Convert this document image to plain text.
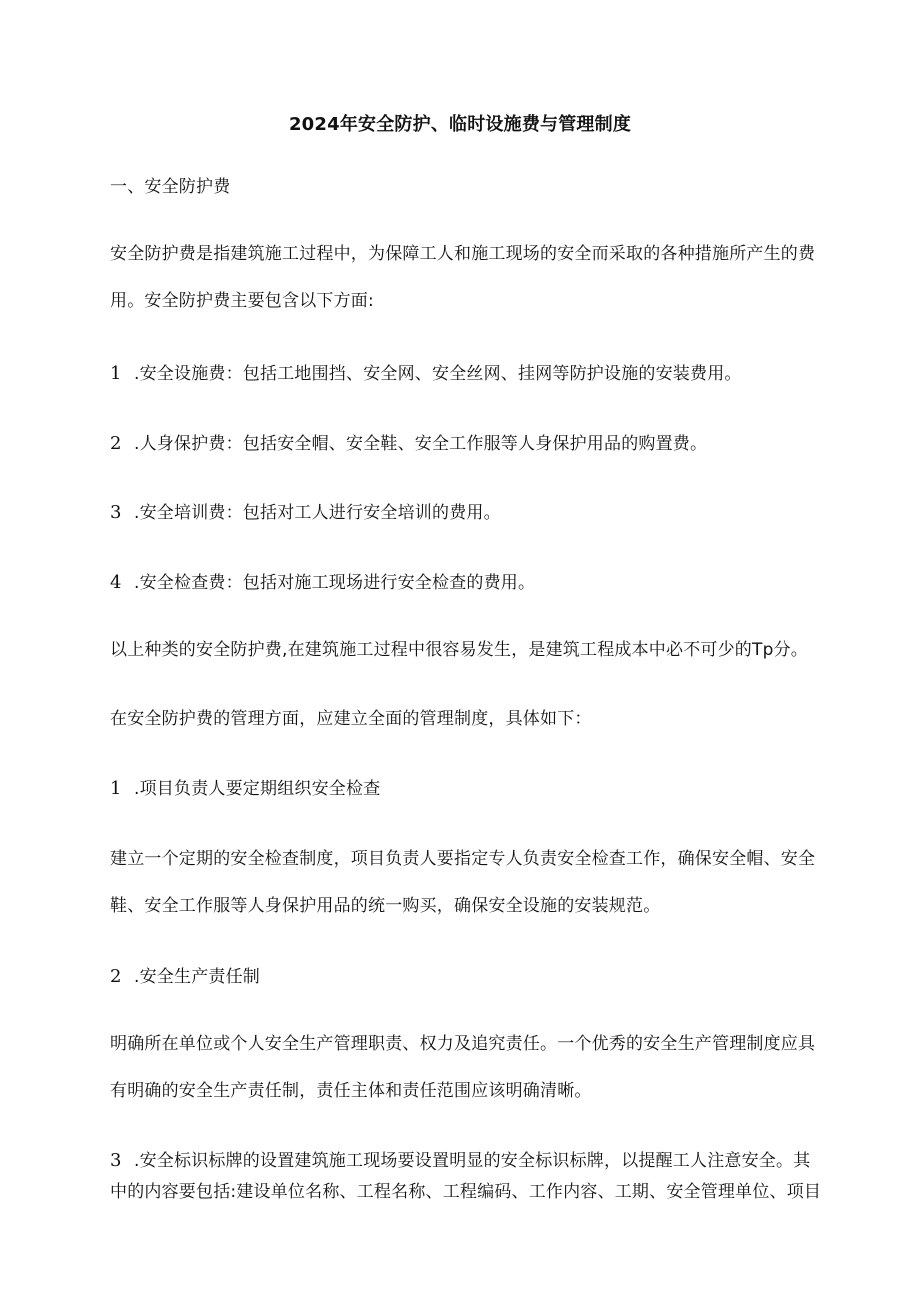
2024年安全防护、临时设施费与管理制度
一、安全防护费
安全防护费是指建筑施工过程中，为保障工人和施工现场的安全而采取的各种措施所产生的费
用。安全防护费主要包含以下方面:
1 .安全设施费：包括工地围挡、安全网、安全丝网、挂网等防护设施的安装费用。
2 .人身保护费：包括安全帽、安全鞋、安全工作服等人身保护用品的购置费。
3 .安全培训费：包括对工人进行安全培训的费用。
4 .安全检查费：包括对施工现场进行安全检查的费用。
以上种类的安全防护费,在建筑施工过程中很容易发生，是建筑工程成本中必不可少的Tp分。
在安全防护费的管理方面，应建立全面的管理制度，具体如下：
1 .项目负责人要定期组织安全检查
建立一个定期的安全检查制度，项目负责人要指定专人负责安全检查工作，确保安全帽、安全
鞋、安全工作服等人身保护用品的统一购买，确保安全设施的安装规范。
2 .安全生产责任制
明确所在单位或个人安全生产管理职责、权力及追究责任。一个优秀的安全生产管理制度应具
有明确的安全生产责任制，责任主体和责任范围应该明确清晰。
3 .安全标识标牌的设置建筑施工现场要设置明显的安全标识标牌，以提醒工人注意安全。其
中的内容要包括:建设单位名称、工程名称、工程编码、工作内容、工期、安全管理单位、项目
